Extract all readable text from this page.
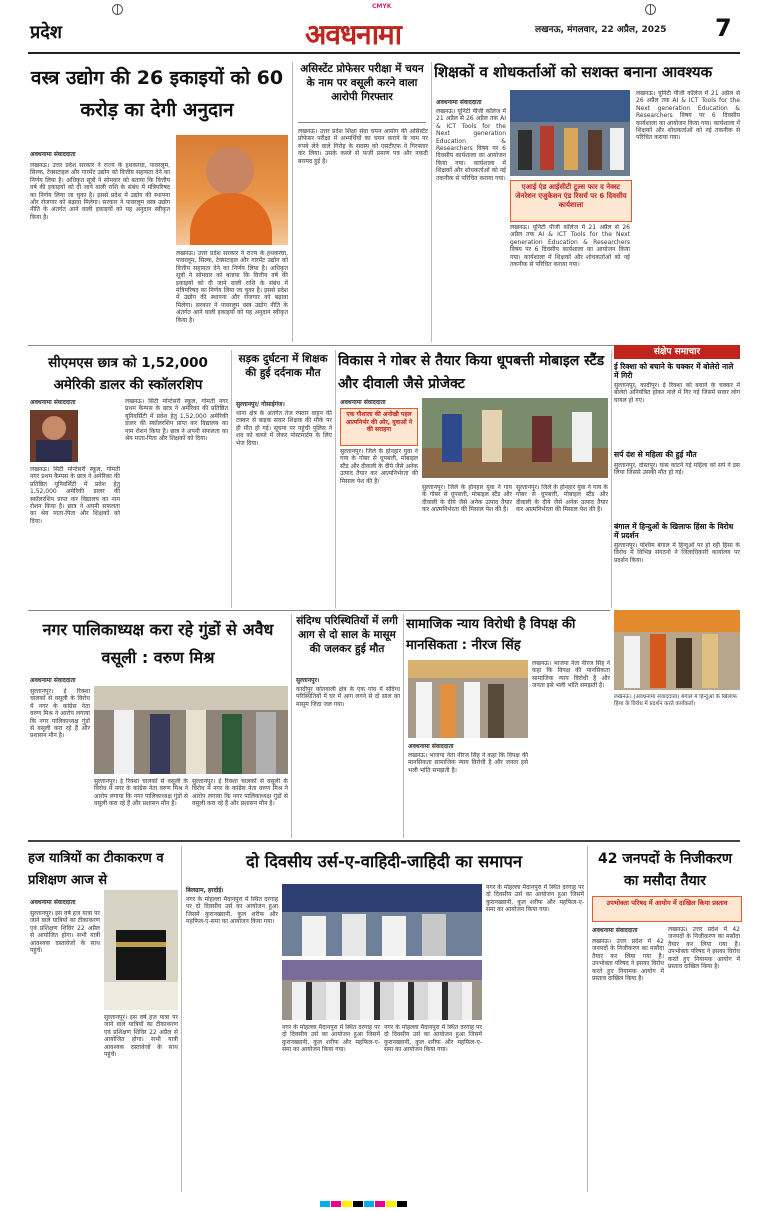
CMYK
प्रदेश	अवधनामा	लखनऊ, मंगलवार, 22 अप्रैल, 2025 7
वस्त्र उद्योग की 26 इकाइयों को 60 करोड़ का देगी अनुदान
अवधनामा संवाददाता
लखनऊ। उत्तर प्रदेश सरकार ने राज्य के हथकरघा, पावरलूम, सिल्क, टेक्सटाइल और गारमेंट उद्योग को वित्तीय सहायता देने का निर्णय लिया है। अधिकृत सूत्रों ने सोमवार को बताया कि वित्तीय वर्ष की इकाइयों को दी जाने वाली राशि के संबंध में मंत्रिपरिषद का निर्णय लिया जा चुका है। इससे प्रदेश में उद्योग की स्थापना और रोजगार को बढ़ावा मिलेगा। सरकार ने पावरलूम वस्त्र उद्योग नीति के अंतर्गत आने वाली इकाइयों को यह अनुदान स्वीकृत किया है।
लखनऊ। उत्तर प्रदेश सरकार ने राज्य के हथकरघा, पावरलूम, सिल्क, टेक्सटाइल और गारमेंट उद्योग को वित्तीय सहायता देने का निर्णय लिया है। अधिकृत सूत्रों ने सोमवार को बताया कि वित्तीय वर्ष की इकाइयों को दी जाने वाली राशि के संबंध में मंत्रिपरिषद का निर्णय लिया जा चुका है। इससे प्रदेश में उद्योग की स्थापना और रोजगार को बढ़ावा मिलेगा। सरकार ने पावरलूम वस्त्र उद्योग नीति के अंतर्गत आने वाली इकाइयों को यह अनुदान स्वीकृत किया है।
असिस्टेंट प्रोफेसर परीक्षा में चयन के नाम पर वसूली करने वाला आरोपी गिरफ्तार
लखनऊ। उत्तर प्रदेश शिक्षा सेवा चयन आयोग की असिस्टेंट प्रोफेसर परीक्षा में अभ्यर्थियों का चयन कराने के नाम पर रुपये लेने वाले गिरोह के सदस्य को एसटीएफ ने गिरफ्तार कर लिया। उसके कब्जे से फर्जी प्रमाण पत्र और नकदी बरामद हुई है।
शिक्षकों व शोधकर्ताओं को सशक्त बनाना आवश्यक
अवधनामा संवाददाता
लखनऊ। यूनिटी पीजी कॉलेज में 21 अप्रैल से 26 अप्रैल तक AI & ICT Tools for the Next generation Education & Researchers विषय पर 6 दिवसीय कार्यशाला का आयोजन किया गया। कार्यशाला में शिक्षकों और शोधकर्ताओं को नई तकनीक से परिचित कराया गया।
एआई एंड आईसीटी टूल्स फार द नेक्स्ट जेनरेशन एजुकेशन एंड रिसर्च पर 6 दिवसीय कार्यशाला
लखनऊ। यूनिटी पीजी कॉलेज में 21 अप्रैल से 26 अप्रैल तक AI & ICT Tools for the Next generation Education & Researchers विषय पर 6 दिवसीय कार्यशाला का आयोजन किया गया। कार्यशाला में शिक्षकों और शोधकर्ताओं को नई तकनीक से परिचित कराया गया।
लखनऊ। यूनिटी पीजी कॉलेज में 21 अप्रैल से 26 अप्रैल तक AI & ICT Tools for the Next generation Education & Researchers विषय पर 6 दिवसीय कार्यशाला का आयोजन किया गया। कार्यशाला में शिक्षकों और शोधकर्ताओं को नई तकनीक से परिचित कराया गया।
सीएमएस छात्र को 1,52,000 अमेरिकी डालर की स्कॉलरशिप
अवधनामा संवाददाता
लखनऊ। सिटी मोन्टेसरी स्कूल, गोमती नगर प्रथम कैम्पस के छात्र ने अमेरिका की प्रतिष्ठित यूनिवर्सिटी में प्रवेश हेतु 1,52,000 अमेरिकी डालर की स्कॉलरशिप प्राप्त कर विद्यालय का नाम रोशन किया है। छात्र ने अपनी सफलता का श्रेय माता-पिता और शिक्षकों को दिया।
लखनऊ। सिटी मोन्टेसरी स्कूल, गोमती नगर प्रथम कैम्पस के छात्र ने अमेरिका की प्रतिष्ठित यूनिवर्सिटी में प्रवेश हेतु 1,52,000 अमेरिकी डालर की स्कॉलरशिप प्राप्त कर विद्यालय का नाम रोशन किया है। छात्र ने अपनी सफलता का श्रेय माता-पिता और शिक्षकों को दिया।
सड़क दुर्घटना में शिक्षक की हुई दर्दनाक मौत
सुल्तानपुर/ गोसाईगंज।
थाना क्षेत्र के अंतर्गत तेज रफ्तार वाहन की टक्कर से बाइक सवार शिक्षक की मौके पर ही मौत हो गई। सूचना पर पहुंची पुलिस ने शव को कब्जे में लेकर पोस्टमार्टम के लिए भेज दिया।
विकास ने गोबर से तैयार किया धूपबत्ती मोबाइल स्टैंड और दीवाली जैसे प्रोजेक्ट
अवधनामा संवाददाता
एक गौशाला की अनोखी पहल आत्मनिर्भर की ओर, युवाओं ने की सराहना
सुल्तानपुर। जिले के होनहार युवा ने गाय के गोबर से धूपबत्ती, मोबाइल स्टैंड और दीवाली के दीये जैसे अनेक उत्पाद तैयार कर आत्मनिर्भरता की मिसाल पेश की है।
सुल्तानपुर। जिले के होनहार युवा ने गाय के गोबर से धूपबत्ती, मोबाइल स्टैंड और दीवाली के दीये जैसे अनेक उत्पाद तैयार कर आत्मनिर्भरता की मिसाल पेश की है।
सुल्तानपुर। जिले के होनहार युवा ने गाय के गोबर से धूपबत्ती, मोबाइल स्टैंड और दीवाली के दीये जैसे अनेक उत्पाद तैयार कर आत्मनिर्भरता की मिसाल पेश की है।
संक्षेप समाचार
ई रिक्शा को बचाने के चक्कर में बोलेरो नाले में गिरी
सुल्तानपुर, कादीपुर। ई रिक्शा को बचाने के चक्कर में बोलेरो अनियंत्रित होकर नाले में गिर गई जिसमें सवार लोग घायल हो गए।
सर्प दंश से महिला की हुई मौत
सुल्तानपुर, दोस्तपुर। घास काटने गई महिला को सर्प ने डस लिया जिससे उसकी मौत हो गई।
बंगाल में हिन्दुओं के खिलाफ हिंसा के विरोध में प्रदर्शन
सुल्तानपुर। पश्चिम बंगाल में हिन्दुओं पर हो रही हिंसा के विरोध में विभिन्न संगठनों ने जिलाधिकारी कार्यालय पर प्रदर्शन किया।
लखनऊ। (अवधनामा संवाददाता) बंगाल में हिन्दुओं के खिलाफ हिंसा के विरोध में प्रदर्शन करते कार्यकर्ता।
नगर पालिकाध्यक्ष करा रहे गुंडों से अवैध वसूली : वरुण मिश्र
अवधनामा संवाददाता
सुल्तानपुर। ई रिक्शा चालकों से वसूली के विरोध में नगर के कांग्रेस नेता वरुण मिश्र ने आरोप लगाया कि नगर पालिकाध्यक्ष गुंडों से वसूली करा रहे हैं और प्रशासन मौन है।
सुल्तानपुर। ई रिक्शा चालकों से वसूली के विरोध में नगर के कांग्रेस नेता वरुण मिश्र ने आरोप लगाया कि नगर पालिकाध्यक्ष गुंडों से वसूली करा रहे हैं और प्रशासन मौन है।
सुल्तानपुर। ई रिक्शा चालकों से वसूली के विरोध में नगर के कांग्रेस नेता वरुण मिश्र ने आरोप लगाया कि नगर पालिकाध्यक्ष गुंडों से वसूली करा रहे हैं और प्रशासन मौन है।
संदिग्ध परिस्थितियों में लगी आग से दो साल के मासूम की जलकर हुई मौत
सुल्तानपुर।
कादीपुर कोतवाली क्षेत्र के एक गांव में संदिग्ध परिस्थितियों में घर में आग लगने से दो साल का मासूम जिंदा जल गया।
सामाजिक न्याय विरोधी है विपक्ष की मानसिकता : नीरज सिंह
अवधनामा संवाददाता
लखनऊ। भाजपा नेता नीरज सिंह ने कहा कि विपक्ष की मानसिकता सामाजिक न्याय विरोधी है और जनता इसे भली भांति समझती है।
लखनऊ। भाजपा नेता नीरज सिंह ने कहा कि विपक्ष की मानसिकता सामाजिक न्याय विरोधी है और जनता इसे भली भांति समझती है।
हज यात्रियों का टीकाकरण व प्रशिक्षण आज से
अवधनामा संवाददाता
सुल्तानपुर। इस वर्ष हज यात्रा पर जाने वाले यात्रियों का टीकाकरण एवं प्रशिक्षण शिविर 22 अप्रैल से आयोजित होगा। सभी यात्री आवश्यक दस्तावेजों के साथ पहुंचें।
सुल्तानपुर। इस वर्ष हज यात्रा पर जाने वाले यात्रियों का टीकाकरण एवं प्रशिक्षण शिविर 22 अप्रैल से आयोजित होगा। सभी यात्री आवश्यक दस्तावेजों के साथ पहुंचें।
दो दिवसीय उर्स-ए-वाहिदी-जाहिदी का समापन
बिलग्राम, हरदोई।
नगर के मोहल्ला मैदानपुरा में स्थित दरगाह पर दो दिवसीय उर्स का आयोजन हुआ जिसमें कुरानख्वानी, कुल शरीफ और महफिल-ए-समा का आयोजन किया गया।
नगर के मोहल्ला मैदानपुरा में स्थित दरगाह पर दो दिवसीय उर्स का आयोजन हुआ जिसमें कुरानख्वानी, कुल शरीफ और महफिल-ए-समा का आयोजन किया गया।
नगर के मोहल्ला मैदानपुरा में स्थित दरगाह पर दो दिवसीय उर्स का आयोजन हुआ जिसमें कुरानख्वानी, कुल शरीफ और महफिल-ए-समा का आयोजन किया गया।
नगर के मोहल्ला मैदानपुरा में स्थित दरगाह पर दो दिवसीय उर्स का आयोजन हुआ जिसमें कुरानख्वानी, कुल शरीफ और महफिल-ए-समा का आयोजन किया गया।
42 जनपदों के निजीकरण का मसौदा तैयार
उपभोक्ता परिषद में आयोग में दाखिल किया प्रस्ताव
अवधनामा संवाददाता
लखनऊ। उत्तर प्रदेश में 42 जनपदों के निजीकरण का मसौदा तैयार कर लिया गया है। उपभोक्ता परिषद ने इसका विरोध करते हुए नियामक आयोग में प्रस्ताव दाखिल किया है।
लखनऊ। उत्तर प्रदेश में 42 जनपदों के निजीकरण का मसौदा तैयार कर लिया गया है। उपभोक्ता परिषद ने इसका विरोध करते हुए नियामक आयोग में प्रस्ताव दाखिल किया है।
